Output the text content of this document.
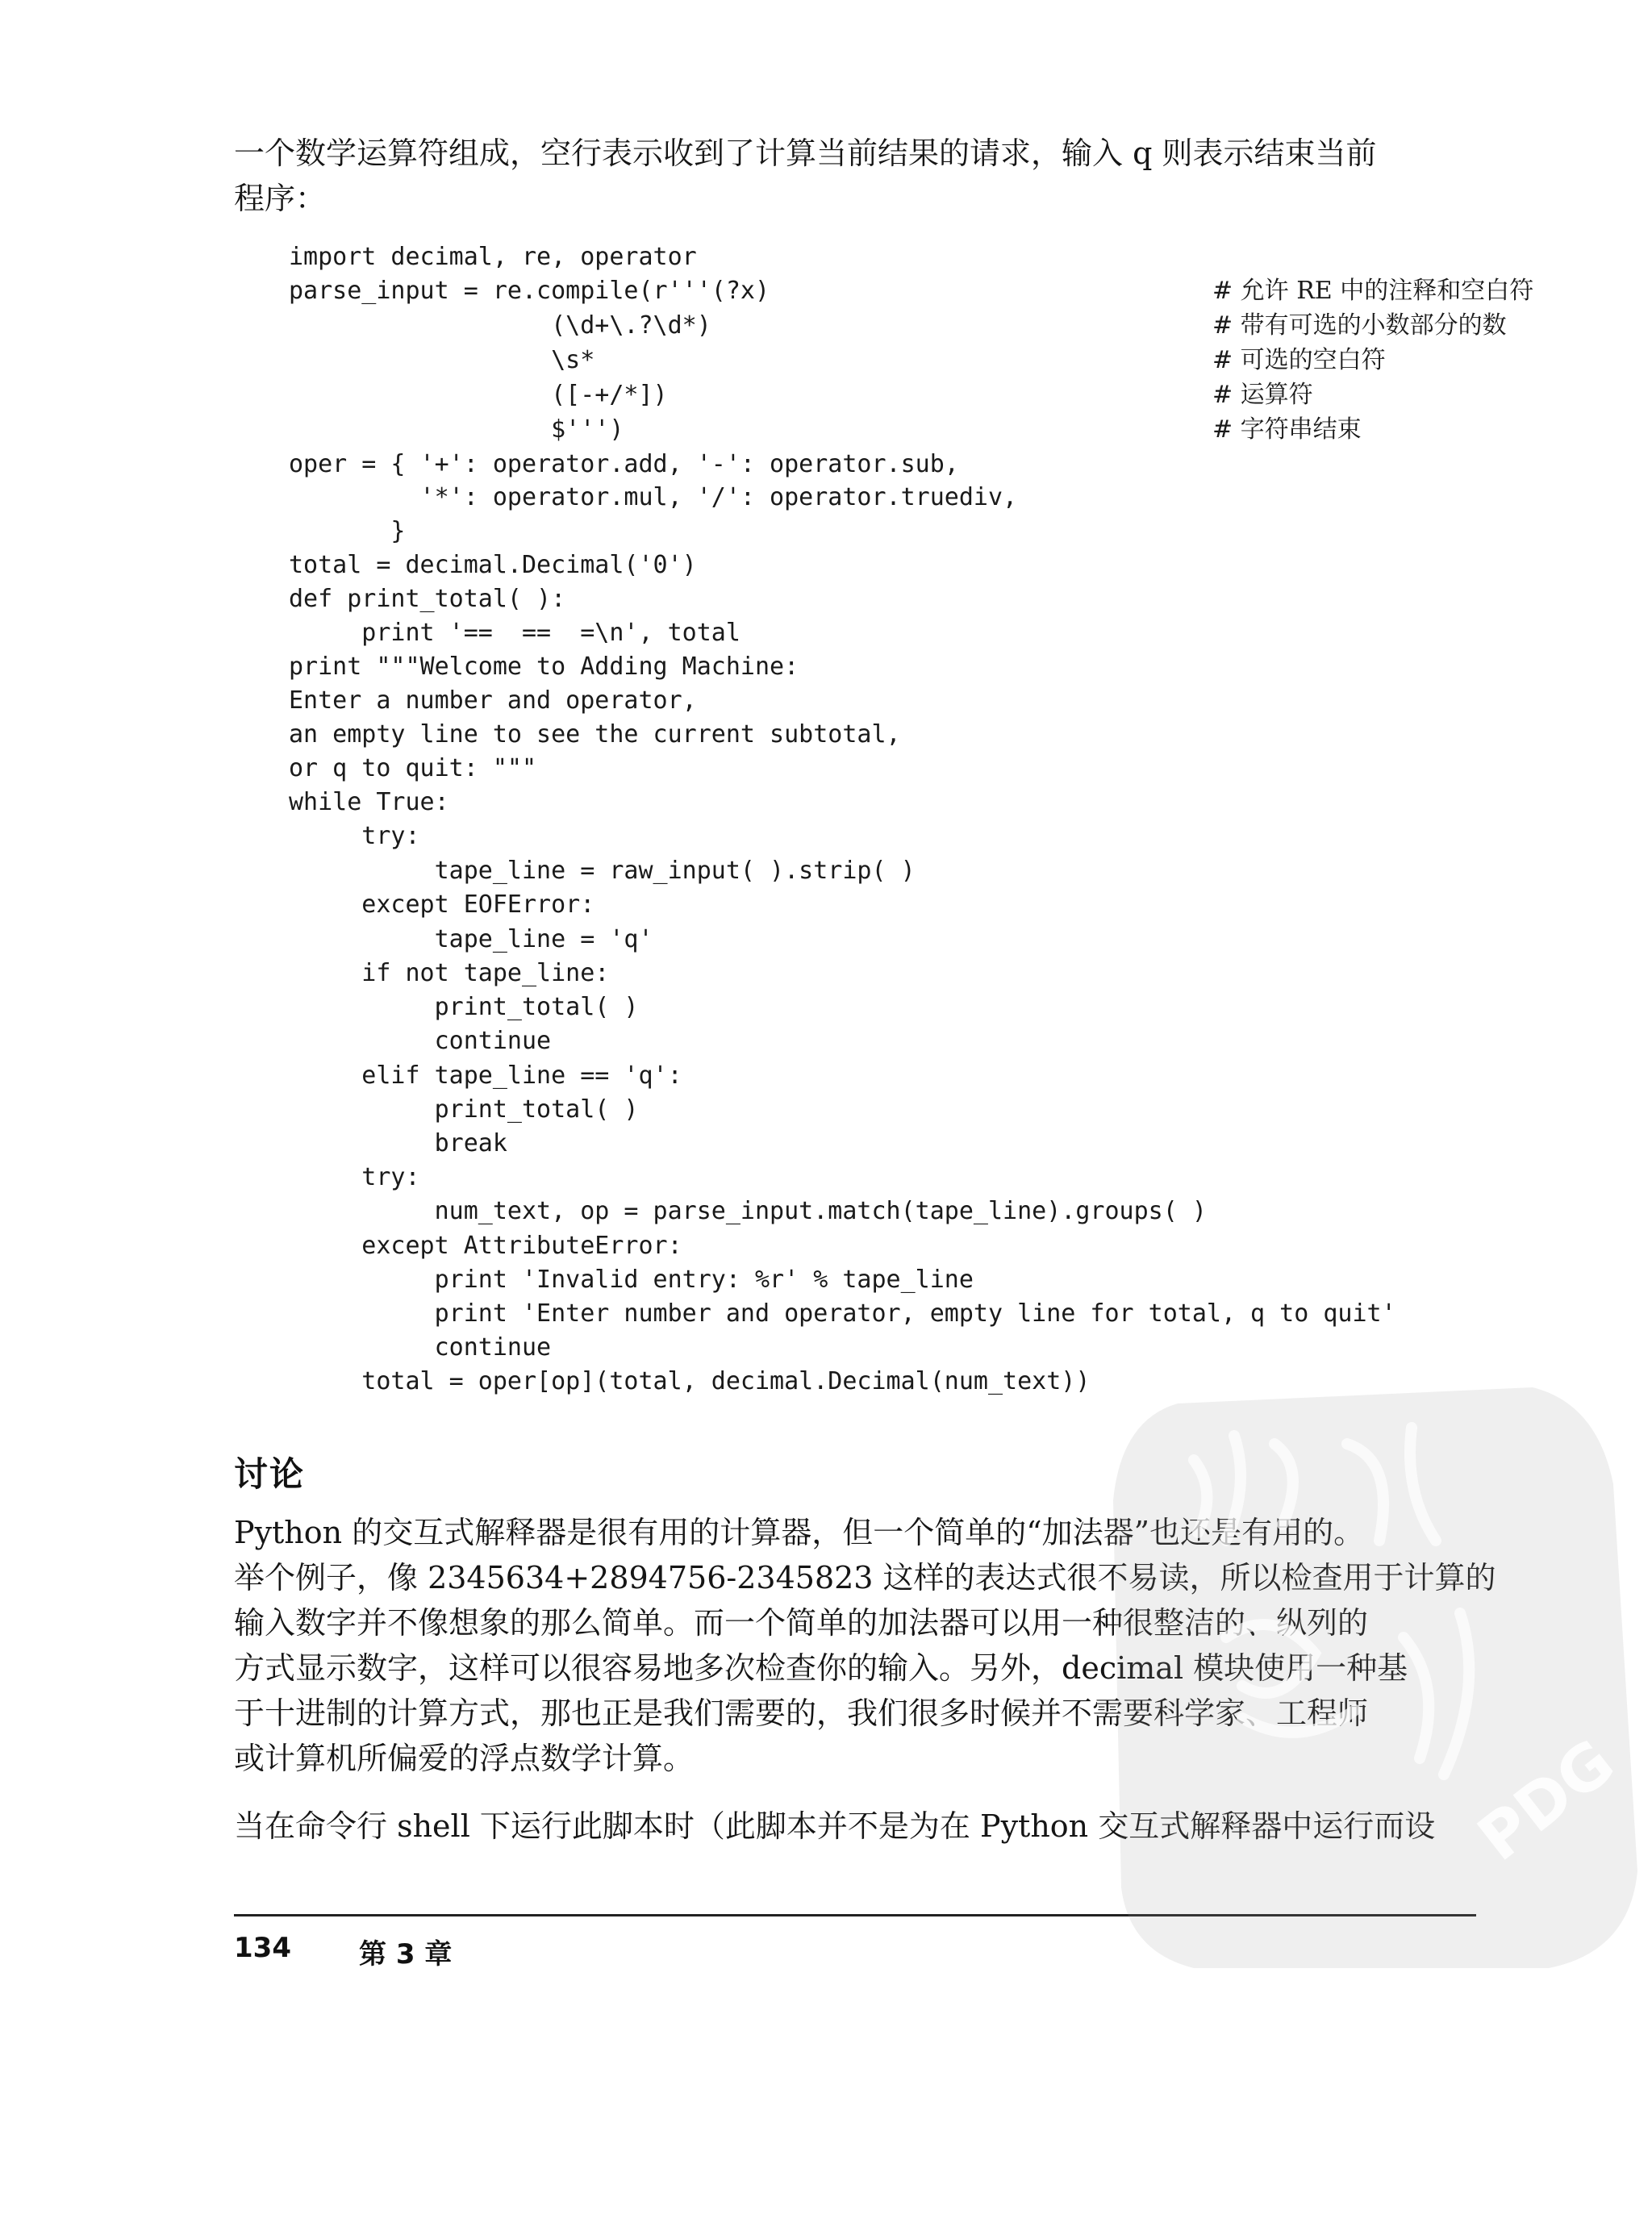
一个数学运算符组成，空行表示收到了计算当前结果的请求，输入 q 则表示结束当前
程序：
import decimal, re, operator
parse_input = re.compile(r'''(?x)
(\d+\.?\d*)
\s*
([-+/*])
$''')
oper = { '+': operator.add, '-': operator.sub,
'*': operator.mul, '/': operator.truediv,
}
total = decimal.Decimal('0')
def print_total( ):
print '==  ==  =\n', total
print """Welcome to Adding Machine:
Enter a number and operator,
an empty line to see the current subtotal,
or q to quit: """
while True:
try:
tape_line = raw_input( ).strip( )
except EOFError:
tape_line = 'q'
if not tape_line:
print_total( )
continue
elif tape_line == 'q':
print_total( )
break
try:
num_text, op = parse_input.match(tape_line).groups( )
except AttributeError:
print 'Invalid entry: %r' % tape_line
print 'Enter number and operator, empty line for total, q to quit'
continue
total = oper[op](total, decimal.Decimal(num_text))
# 允许 RE 中的注释和空白符
# 带有可选的小数部分的数
# 可选的空白符
# 运算符
# 字符串结束
讨论
Python 的交互式解释器是很有用的计算器，但一个简单的“加法器”也还是有用的。
举个例子，像 2345634+2894756-2345823 这样的表达式很不易读，所以检查用于计算的
输入数字并不像想象的那么简单。而一个简单的加法器可以用一种很整洁的、纵列的
方式显示数字，这样可以很容易地多次检查你的输入。另外，decimal 模块使用一种基
于十进制的计算方式，那也正是我们需要的，我们很多时候并不需要科学家、工程师
或计算机所偏爱的浮点数学计算。
当在命令行 shell 下运行此脚本时（此脚本并不是为在 Python 交互式解释器中运行而设
134 第 3 章
PDG
